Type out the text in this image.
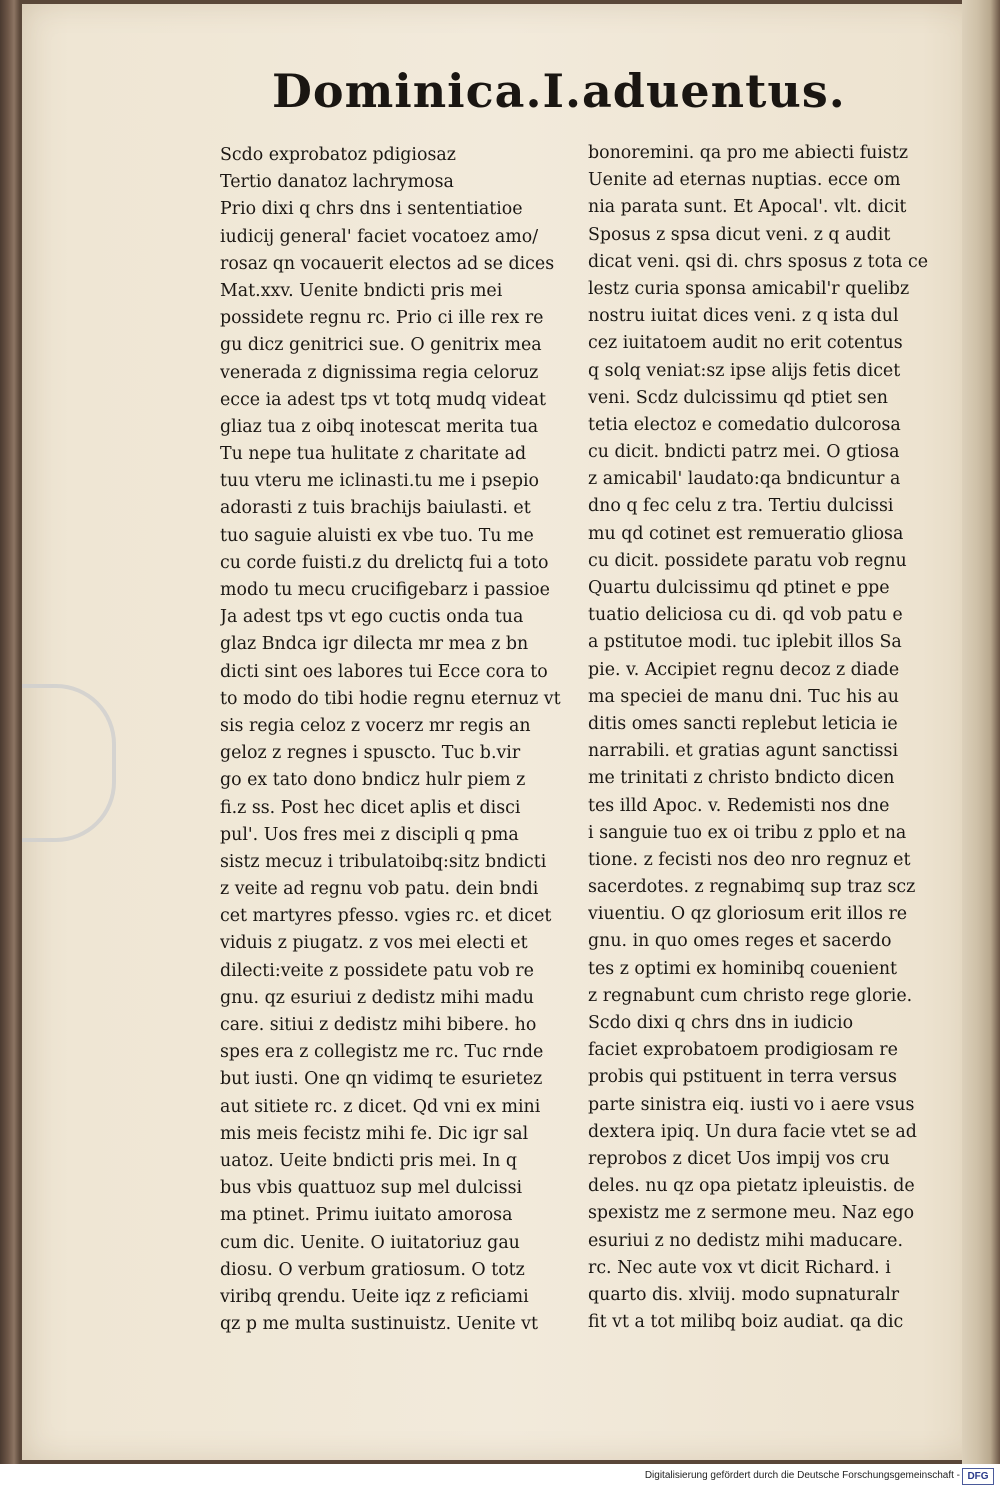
Dominica.I.aduentus.
Scdo exprobatoz pdigiosaz
Tertio danatoz lachrymosa
Prio dixi q chrs dns i sententiatioe
iudicij general' faciet vocatoez amo/
rosaz qn vocauerit electos ad se dices
Mat.xxv. Uenite bndicti pris mei
possidete regnu rc. Prio ci ille rex re
gu dicz genitrici sue. O genitrix mea
venerada z dignissima regia celoruz
ecce ia adest tps vt totq mudq videat
gliaz tua z oibq inotescat merita tua
Tu nepe tua hulitate z charitate ad
tuu vteru me iclinasti.tu me i psepio
adorasti z tuis brachijs baiulasti. et
tuo saguie aluisti ex vbe tuo. Tu me
cu corde fuisti.z du drelictq fui a toto
modo tu mecu crucifigebarz i passioe
Ja adest tps vt ego cuctis onda tua
glaz Bndca igr dilecta mr mea z bn
dicti sint oes labores tui Ecce cora to
to modo do tibi hodie regnu eternuz vt
sis regia celoz z vocerz mr regis an
geloz z regnes i spuscto. Tuc b.vir
go ex tato dono bndicz hulr piem z
fi.z ss. Post hec dicet aplis et disci
pul'. Uos fres mei z discipli q pma
sistz mecuz i tribulatoibq:sitz bndicti
z veite ad regnu vob patu. dein bndi
cet martyres pfesso. vgies rc. et dicet
viduis z piugatz. z vos mei electi et
dilecti:veite z possidete patu vob re
gnu. qz esuriui z dedistz mihi madu
care. sitiui z dedistz mihi bibere. ho
spes era z collegistz me rc. Tuc rnde
but iusti. One qn vidimq te esurietez
aut sitiete rc. z dicet. Qd vni ex mini
mis meis fecistz mihi fe. Dic igr sal
uatoz. Ueite bndicti pris mei. In q
bus vbis quattuoz sup mel dulcissi
ma ptinet. Primu iuitato amorosa
cum dic. Uenite. O iuitatoriuz gau
diosu. O verbum gratiosum. O totz
viribq qrendu. Ueite iqz z reficiami
qz p me multa sustinuistz. Uenite vt
bonoremini. qa pro me abiecti fuistz
Uenite ad eternas nuptias. ecce om
nia parata sunt. Et Apocal'. vlt. dicit
Sposus z spsa dicut veni. z q audit
dicat veni. qsi di. chrs sposus z tota ce
lestz curia sponsa amicabil'r quelibz
nostru iuitat dices veni. z q ista dul
cez iuitatoem audit no erit cotentus
q solq veniat:sz ipse alijs fetis dicet
veni. Scdz dulcissimu qd ptiet sen
tetia electoz e comedatio dulcorosa
cu dicit. bndicti patrz mei. O gtiosa
z amicabil' laudato:qa bndicuntur a
dno q fec celu z tra. Tertiu dulcissi
mu qd cotinet est remueratio gliosa
cu dicit. possidete paratu vob regnu
Quartu dulcissimu qd ptinet e ppe
tuatio deliciosa cu di. qd vob patu e
a pstitutoe modi. tuc iplebit illos Sa
pie. v. Accipiet regnu decoz z diade
ma speciei de manu dni. Tuc his au
ditis omes sancti replebut leticia ie
narrabili. et gratias agunt sanctissi
me trinitati z christo bndicto dicen
tes illd Apoc. v. Redemisti nos dne
i sanguie tuo ex oi tribu z pplo et na
tione. z fecisti nos deo nro regnuz et
sacerdotes. z regnabimq sup traz scz
viuentiu. O qz gloriosum erit illos re
gnu. in quo omes reges et sacerdo
tes z optimi ex hominibq couenient
z regnabunt cum christo rege glorie.
Scdo dixi q chrs dns in iudicio
faciet exprobatoem prodigiosam re
probis qui pstituent in terra versus
parte sinistra eiq. iusti vo i aere vsus
dextera ipiq. Un dura facie vtet se ad
reprobos z dicet Uos impij vos cru
deles. nu qz opa pietatz ipleuistis. de
spexistz me z sermone meu. Naz ego
esuriui z no dedistz mihi maducare.
rc. Nec aute vox vt dicit Richard. i
quarto dis. xlviij. modo supnaturalr
fit vt a tot milibq boiz audiat. qa dic
Digitalisierung gefördert durch die Deutsche Forschungsgemeinschaft - DFG
